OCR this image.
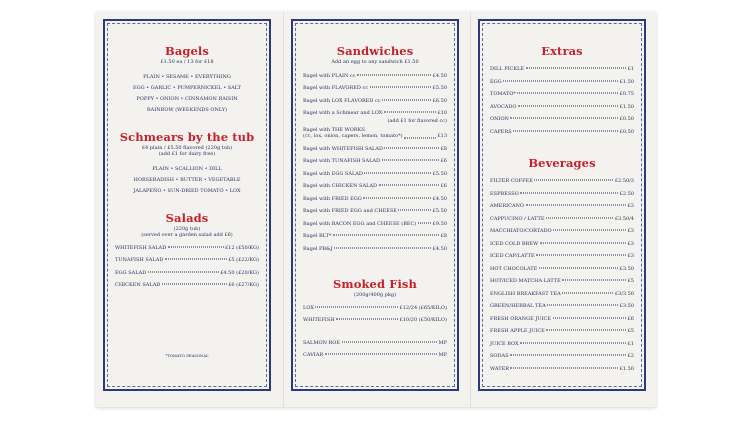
Bagels
£1.50 ea / 13 for £18
PLAIN • SESAME • EVERYTHING
EGG • GARLIC • PUMPERNICKEL • SALT
POPPY • ONION • CINNAMON RAISIN
RAINBOW (WEEKENDS ONLY)
Schmears by the tub
£4 plain / £5.50 flavored (220g tub)
(add £1 for dairy free)
PLAIN • SCALLION • DILL
HORSERADISH • BUTTER • VEGETABLE
JALAPEÑO • SUN-DRIED TOMATO • LOX
Salads
(220g tub)
(served over a garden salad add £6)
WHITEFISH SALAD	£12 (£50/KG)
TUNAFISH SALAD	£5 (£22/KG)
EGG SALAD	£4.50 (£20/KG)
CHICKEN SALAD	£6 (£27/KG)
*TOMATO SEASONAL
Sandwiches
Add an egg to any sandwich £1.50
Bagel with PLAIN cc	£4.50
Bagel with FLAVORED cc	£5.50
Bagel with LOX FLAVORED cc	£6.50
Bagel with a Schmear and LOX	£10
(add £1 for flavored cc)
Bagel with THE WORKS
(cc, lox, onion, capers, lemon, tomato*)	£13
Bagel with WHITEFISH SALAD	£8
Bagel with TUNAFISH SALAD	£6
Bagel with EGG SALAD	£5.50
Bagel with CHICKEN SALAD	£6
Bagel with FRIED EGG	£4.50
Bagel with FRIED EGG and CHEESE	£5.50
Bagel with BACON EGG and CHEESE (BEC)	£9.50
Bagel BLT*	£8
Bagel PB&J	£4.50
Smoked Fish
(200g/400g pkg)
LOX	£12/24 (£65/KILO)
WHITEFISH	£10/20 (£50/KILO)
SALMON ROE	MP
CAVIAR	MP
Extras
DILL PICKLE	£1
EGG	£1.50
TOMATO*	£0.75
AVOCADO	£1.50
ONION	£0.50
CAPERS	£0.50
Beverages
FILTER COFFEE	£2.50/3
ESPRESSO	£2.50
AMERICANO	£3
CAPPUCINO / LATTE	£3.50/4
MACCHIATO/CORTADO	£3
ICED COLD BREW	£3
ICED CAP/LATTE	£3
HOT CHOCOLATE	£3.50
HOT/ICED MATCHA LATTE	£5
ENGLISH BREAKFAST TEA	£3/3.50
GREEN/HERBAL TEA	£3.50
FRESH ORANGE JUICE	£6
FRESH APPLE JUICE	£5
JUICE BOX	£1
SODAS	£2
WATER	£1.50
